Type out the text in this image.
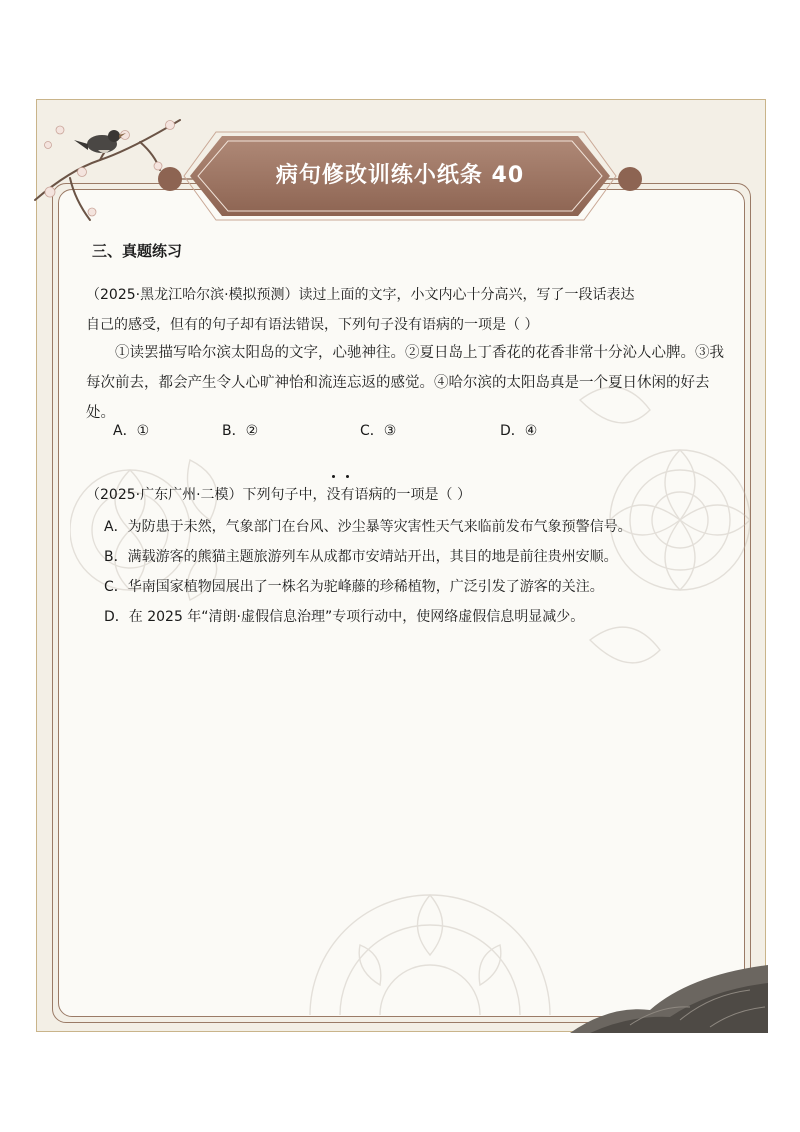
病句修改训练小纸条 40
三、真题练习

（2025·黑龙江哈尔滨·模拟预测）读过上面的文字，小文内心十分高兴，写了一段话表达

自己的感受，但有的句子却有语法错误，下列句子没有语病的一项是（ ）

①读罢描写哈尔滨太阳岛的文字，心驰神往。②夏日岛上丁香花的花香非常十分沁人心脾。③我每次前去，都会产生令人心旷神怡和流连忘返的感觉。④哈尔滨的太阳岛真是一个夏日休闲的好去处。

A．①	B．②	C．③	D．④

（2025·广东广州·二模）下列句子中，没有语病的一项是（ ）

A．为防患于未然，气象部门在台风、沙尘暴等灾害性天气来临前发布气象预警信号。
B．满载游客的熊猫主题旅游列车从成都市安靖站开出，其目的地是前往贵州安顺。
C．华南国家植物园展出了一株名为驼峰藤的珍稀植物，广泛引发了游客的关注。
D．在 2025 年“清朗·虚假信息治理”专项行动中，使网络虚假信息明显减少。
